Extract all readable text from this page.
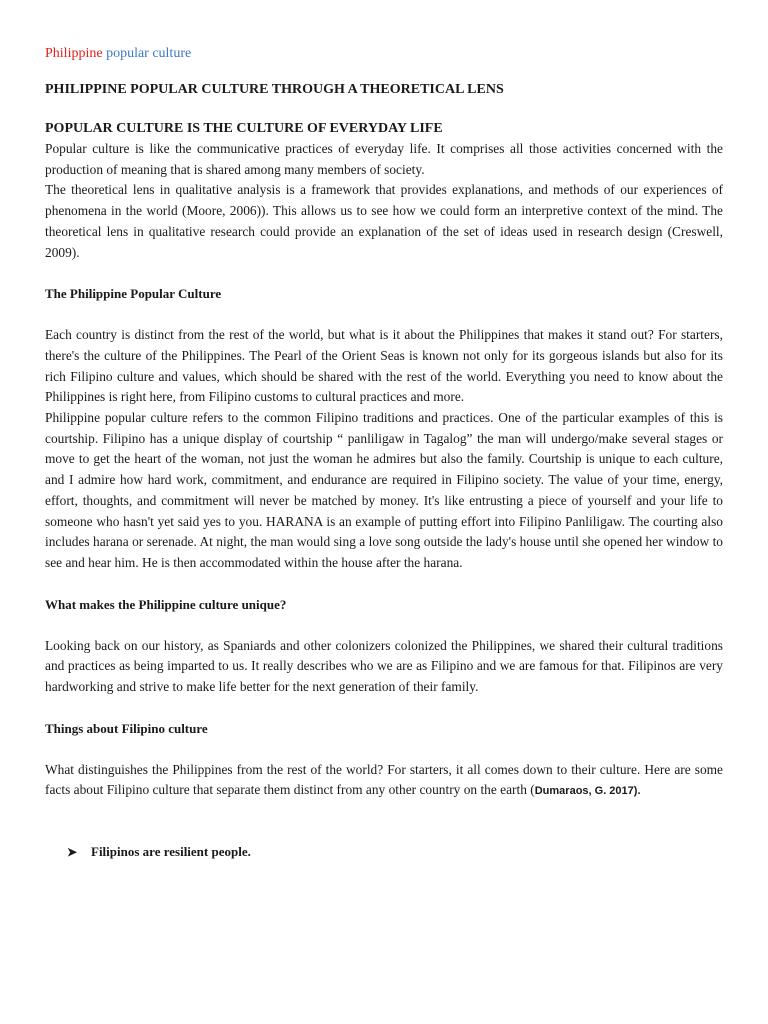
Philippine popular culture
PHILIPPINE POPULAR CULTURE THROUGH A THEORETICAL LENS
POPULAR CULTURE IS THE CULTURE OF EVERYDAY LIFE

Popular culture is like the communicative practices of everyday life. It comprises all those activities concerned with the production of meaning that is shared among many members of society.

The theoretical lens in qualitative analysis is a framework that provides explanations, and methods of our experiences of phenomena in the world (Moore, 2006)). This allows us to see how we could form an interpretive context of the mind. The theoretical lens in qualitative research could provide an explanation of the set of ideas used in research design (Creswell, 2009).

The Philippine Popular Culture

Each country is distinct from the rest of the world, but what is it about the Philippines that makes it stand out? For starters, there's the culture of the Philippines. The Pearl of the Orient Seas is known not only for its gorgeous islands but also for its rich Filipino culture and values, which should be shared with the rest of the world. Everything you need to know about the Philippines is right here, from Filipino customs to cultural practices and more.

Philippine popular culture refers to the common Filipino traditions and practices. One of the particular examples of this is courtship. Filipino has a unique display of courtship “ panliligaw in Tagalog” the man will undergo/make several stages or move to get the heart of the woman, not just the woman he admires but also the family. Courtship is unique to each culture, and I admire how hard work, commitment, and endurance are required in Filipino society. The value of your time, energy, effort, thoughts, and commitment will never be matched by money. It's like entrusting a piece of yourself and your life to someone who hasn't yet said yes to you. HARANA is an example of putting effort into Filipino Panliligaw. The courting also includes harana or serenade. At night, the man would sing a love song outside the lady's house until she opened her window to see and hear him. He is then accommodated within the house after the harana.

What makes the Philippine culture unique?

Looking back on our history, as Spaniards and other colonizers colonized the Philippines, we shared their cultural traditions and practices as being imparted to us. It really describes who we are as Filipino and we are famous for that. Filipinos are very hardworking and strive to make life better for the next generation of their family.

Things about Filipino culture

What distinguishes the Philippines from the rest of the world? For starters, it all comes down to their culture. Here are some facts about Filipino culture that separate them distinct from any other country on the earth (Dumaraos, G. 2017).

➤	Filipinos are resilient people.
